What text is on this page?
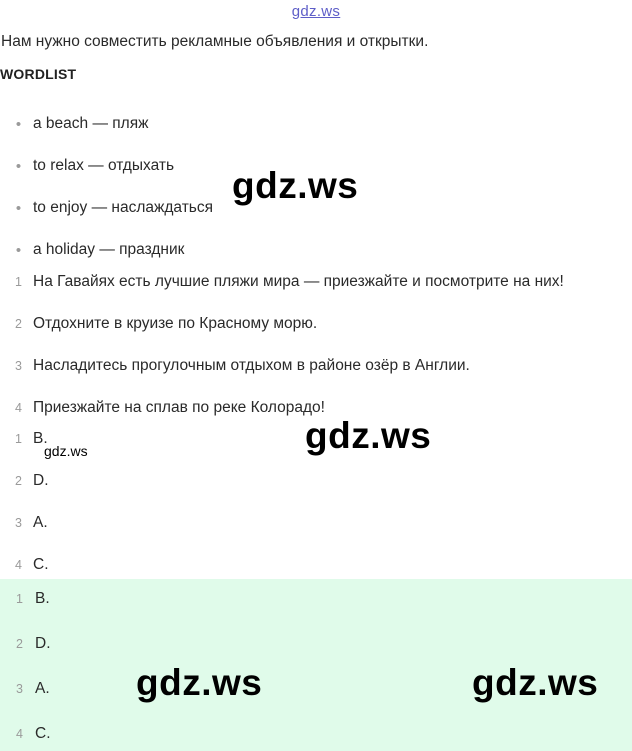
gdz.ws
Нам нужно совместить рекламные объявления и открытки.
WORDLIST
• a beach — пляж
• to relax — отдыхать
• to enjoy — наслаждаться
• a holiday — праздник
1 На Гавайях есть лучшие пляжи мира — приезжайте и посмотрите на них!
2 Отдохните в круизе по Красному морю.
3 Насладитесь прогулочным отдыхом в районе озёр в Англии.
4 Приезжайте на сплав по реке Колорадо!
1 B.
2 D.
3 A.
4 C.
1 B.
2 D.
3 A.
4 C.
gdz.ws
gdz.ws
gdz.ws
gdz.ws	gdz.ws
